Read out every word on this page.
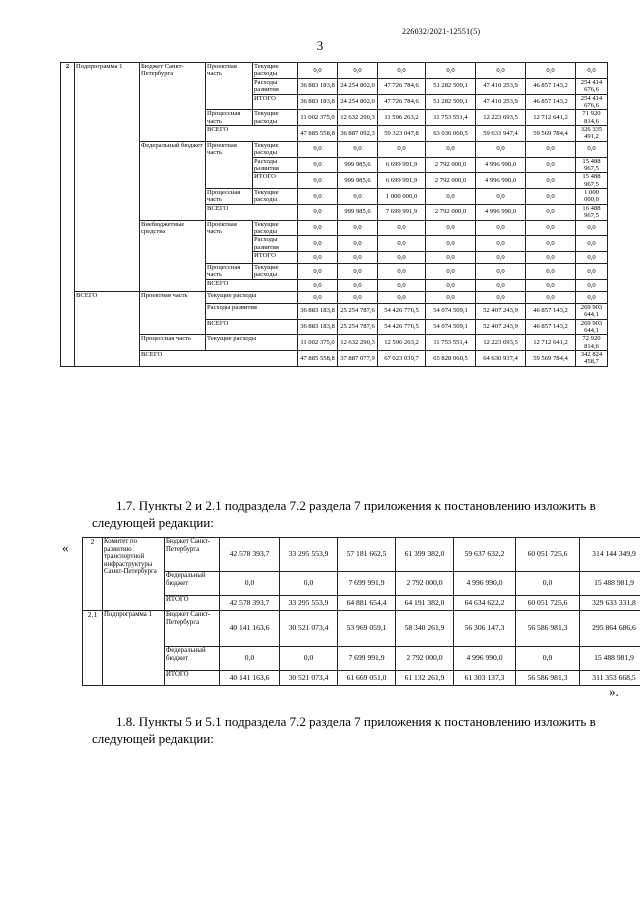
226032/2021-12551(5)
3
2	Подпрограмма 1	Бюджет Санкт-Петербурга	Проектная часть	Текущие расходы	0,0	0,0	0,0	0,0	0,0	0,0	0,0
				Расходы развития	36 883 183,8	24 254 802,0	47 726 784,6	51 282 509,1	47 410 253,9	46 857 143,2	254 414 676,6
				ИТОГО	36 883 183,8	24 254 802,0	47 726 784,6	51 282 509,1	47 410 253,9	46 857 143,2	254 414 676,6
			Процессная часть	Текущие расходы	11 002 375,0	12 632 290,3	11 596 263,2	11 753 551,4	12 223 693,5	12 712 641,2	71 920 814,6
			ВСЕГО		47 885 558,8	36 887 092,3	59 323 047,8	63 036 060,5	59 633 947,4	59 569 784,4	326 335 491,2
		Федеральный бюджет	Проектная часть	Текущие расходы	0,0	0,0	0,0	0,0	0,0	0,0	0,0
				Расходы развития	0,0	999 985,6	6 699 991,9	2 792 000,0	4 996 990,0	0,0	15 488 967,5
				ИТОГО	0,0	999 985,6	6 699 991,9	2 792 000,0	4 996 990,0	0,0	15 488 967,5
			Процессная часть	Текущие расходы	0,0	0,0	1 000 000,0	0,0	0,0	0,0	1 000 000,0
			ВСЕГО		0,0	999 985,6	7 699 991,9	2 792 000,0	4 996 990,0	0,0	16 488 967,5
		Внебюджетные средства	Проектная часть	Текущие расходы	0,0	0,0	0,0	0,0	0,0	0,0	0,0
				Расходы развития	0,0	0,0	0,0	0,0	0,0	0,0	0,0
				ИТОГО	0,0	0,0	0,0	0,0	0,0	0,0	0,0
			Процессная часть	Текущие расходы	0,0	0,0	0,0	0,0	0,0	0,0	0,0
			ВСЕГО		0,0	0,0	0,0	0,0	0,0	0,0	0,0
	ВСЕГО	Проектная часть	Текущие расходы		0,0	0,0	0,0	0,0	0,0	0,0	0,0
			Расходы развития		36 883 183,8	25 254 787,6	54 426 776,5	54 074 509,1	52 407 243,9	46 857 143,2	269 903 644,1
			ВСЕГО		36 883 183,8	25 254 787,6	54 426 776,5	54 074 509,1	52 407 243,9	46 857 143,2	269 903 644,1
		Процессная часть	Текущие расходы		11 002 375,0	12 632 290,3	12 596 263,2	11 753 551,4	12 223 693,5	12 712 641,2	72 920 814,6
		ВСЕГО			47 885 558,8	37 887 077,9	67 023 039,7	65 828 060,5	64 630 937,4	59 569 784,4	342 824 458,7
1.7. Пункты 2 и 2.1 подраздела 7.2 раздела 7 приложения к постановлению изложить в следующей редакции:
«	2	Комитет по развитию транспортной инфраструктуры Санкт-Петербурга	Бюджет Санкт-Петербурга	42 578 393,7	33 295 553,9	57 181 662,5	61 399 382,0	59 637 632,2	60 051 725,6	314 144 349,9
		Федеральный бюджет	0,0	0,0	7 699 991,9	2 792 000,0	4 996 990,0	0,0	15 488 981,9
		ИТОГО	42 578 393,7	33 295 553,9	64 881 654,4	64 191 382,0	64 634 622,2	60 051 725,6	329 633 331,8
2.1	Подпрограмма 1	Бюджет Санкт-Петербурга	40 141 163,6	30 521 073,4	53 969 059,1	58 340 261,9	56 306 147,3	56 586 981,3	295 864 686,6
		Федеральный бюджет	0,0	0,0	7 699 991,9	2 792 000,0	4 996 990,0	0,0	15 488 981,9
		ИТОГО	40 141 163,6	30 521 073,4	61 669 051,0	61 132 261,9	61 303 137,3	56 586 981,3	311 353 668,5
».
1.8. Пункты 5 и 5.1 подраздела 7.2 раздела 7 приложения к постановлению изложить в следующей редакции:
